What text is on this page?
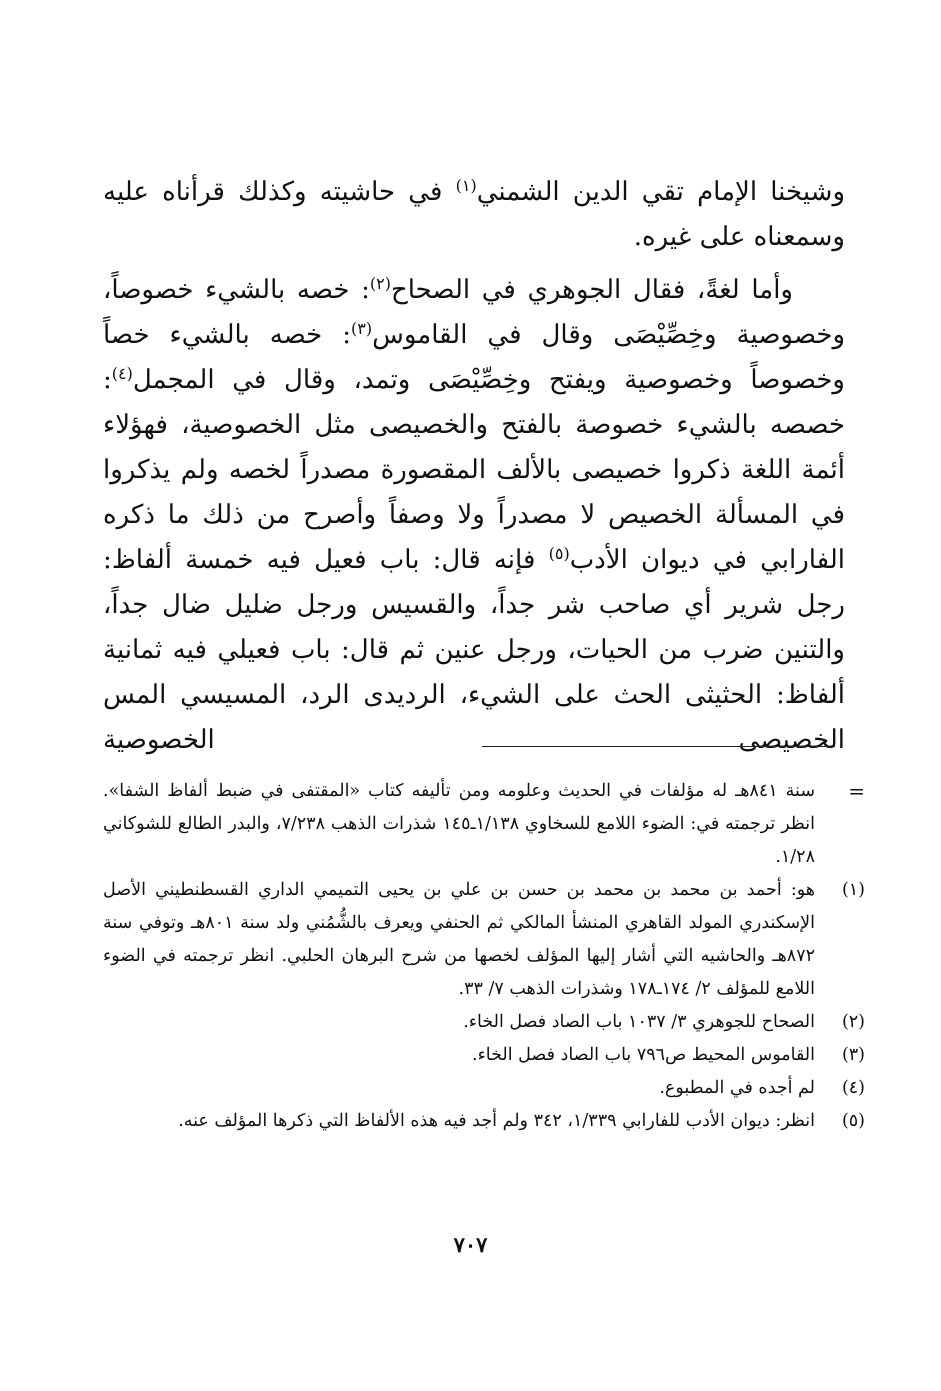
وشيخنا الإمام تقي الدين الشمني$^{(١)}$ في حاشيته وكذلك قرأناه عليه وسمعناه على غيره.

وأما لغةً، فقال الجوهري في الصحاح$^{(٢)}$: خصه بالشيء خصوصاً، وخصوصية وخِصِّيْصَى وقال في القاموس$^{(٣)}$: خصه بالشيء خصاً وخصوصاً وخصوصية ويفتح وخِصِّيْصَى وتمد، وقال في المجمل$^{(٤)}$: خصصه بالشيء خصوصة بالفتح والخصيصى مثل الخصوصية، فهؤلاء أئمة اللغة ذكروا خصيصى بالألف المقصورة مصدراً لخصه ولم يذكروا في المسألة الخصيص لا مصدراً ولا وصفاً وأصرح من ذلك ما ذكره الفارابي في ديوان الأدب$^{(٥)}$ فإنه قال: باب فعيل فيه خمسة ألفاظ: رجل شرير أي صاحب شر جداً، والقسيس ورجل ضليل ضال جداً، والتنين ضرب من الحيات، ورجل عنين ثم قال: باب فعيلي فيه ثمانية ألفاظ: الحثيثى الحث على الشيء، الرديدى الرد، المسيسي المس الخصيصى الخصوصية

=
سنة ٨٤١هـ له مؤلفات في الحديث وعلومه ومن تأليفه كتاب «المقتفى في ضبط ألفاظ الشفا». انظر ترجمته في: الضوء اللامع للسخاوي ١/١٣٨ـ١٤٥ شذرات الذهب ٧/٢٣٨، والبدر الطالع للشوكاني ١/٢٨.
(١)
هو: أحمد بن محمد بن محمد بن حسن بن علي بن يحيى التميمي الداري القسطنطيني الأصل الإسكندري المولد القاهري المنشأ المالكي ثم الحنفي ويعرف بالشُّمُني ولد سنة ٨٠١هـ وتوفي سنة ٨٧٢هـ والحاشيه التي أشار إليها المؤلف لخصها من شرح البرهان الحلبي. انظر ترجمته في الضوء اللامع للمؤلف ٢/ ١٧٤ـ١٧٨ وشذرات الذهب ٧/ ٣٣.
(٢)
الصحاح للجوهري ٣/ ١٠٣٧ باب الصاد فصل الخاء.
(٣)
القاموس المحيط ص٧٩٦ باب الصاد فصل الخاء.
(٤)
لم أجده في المطبوع.
(٥)
انظر: ديوان الأدب للفارابي ١/٣٣٩، ٣٤٢ ولم أجد فيه هذه الألفاظ التي ذكرها المؤلف عنه.
٧٠٧
